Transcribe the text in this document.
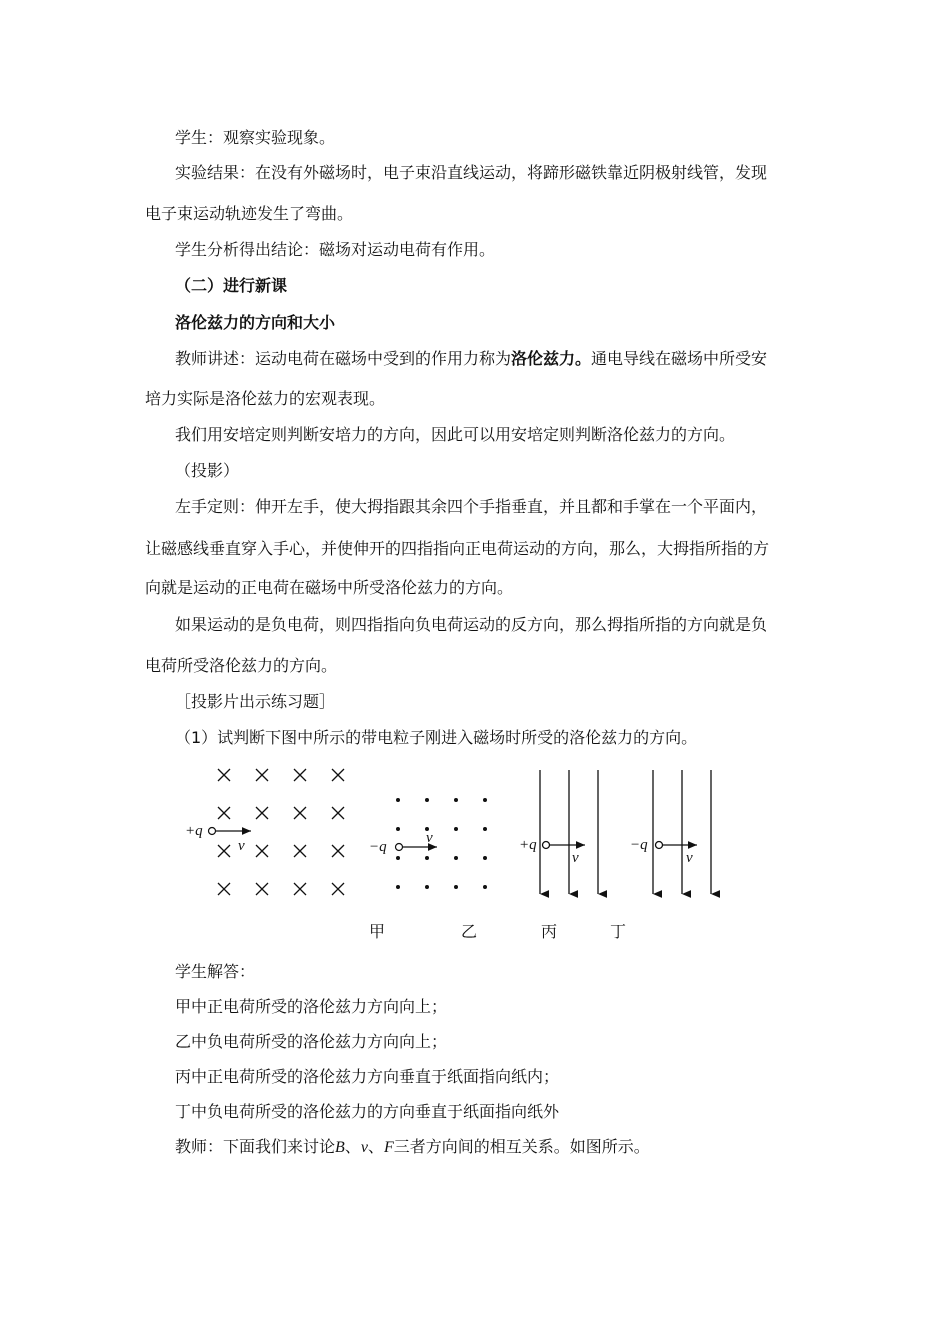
学生：观察实验现象。
实验结果：在没有外磁场时，电子束沿直线运动，将蹄形磁铁靠近阴极射线管，发现
电子束运动轨迹发生了弯曲。
学生分析得出结论：磁场对运动电荷有作用。
（二）进行新课
洛伦兹力的方向和大小
教师讲述：运动电荷在磁场中受到的作用力称为洛伦兹力。通电导线在磁场中所受安
培力实际是洛伦兹力的宏观表现。
我们用安培定则判断安培力的方向，因此可以用安培定则判断洛伦兹力的方向。
（投影）
左手定则：伸开左手，使大拇指跟其余四个手指垂直，并且都和手掌在一个平面内，
让磁感线垂直穿入手心，并使伸开的四指指向正电荷运动的方向，那么，大拇指所指的方
向就是运动的正电荷在磁场中所受洛伦兹力的方向。
如果运动的是负电荷，则四指指向负电荷运动的反方向，那么拇指所指的方向就是负
电荷所受洛伦兹力的方向。
［投影片出示练习题］
（1）试判断下图中所示的带电粒子刚进入磁场时所受的洛伦兹力的方向。
+q
v	−q
v	+q
v
−q
v
甲	乙	丙	丁
学生解答：
甲中正电荷所受的洛伦兹力方向向上；
乙中负电荷所受的洛伦兹力方向向上；
丙中正电荷所受的洛伦兹力方向垂直于纸面指向纸内；
丁中负电荷所受的洛伦兹力的方向垂直于纸面指向纸外
教师：下面我们来讨论B、v、F三者方向间的相互关系。如图所示。
